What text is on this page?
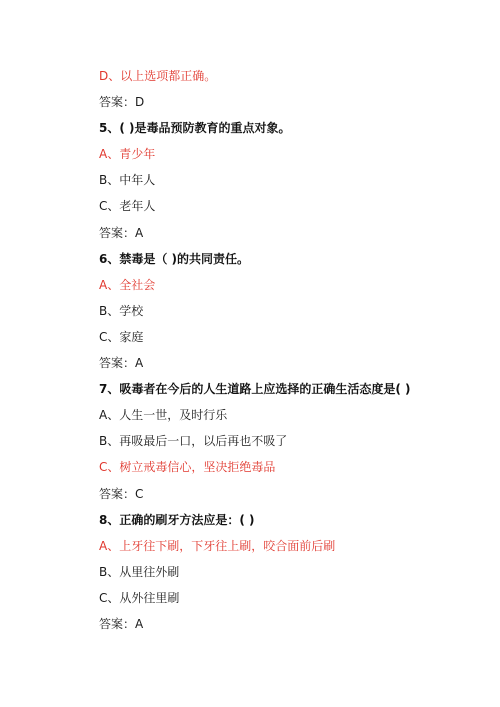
D、以上选项都正确。
答案：D
5、( )是毒品预防教育的重点对象。
A、青少年
B、中年人
C、老年人
答案：A
6、禁毒是（ )的共同责任。
A、全社会
B、学校
C、家庭
答案：A
7、吸毒者在今后的人生道路上应选择的正确生活态度是( )
A、人生一世，及时行乐
B、再吸最后一口，以后再也不吸了
C、树立戒毒信心，坚决拒绝毒品
答案：C
8、正确的刷牙方法应是：( )
A、上牙往下刷，下牙往上刷，咬合面前后刷
B、从里往外刷
C、从外往里刷
答案：A
